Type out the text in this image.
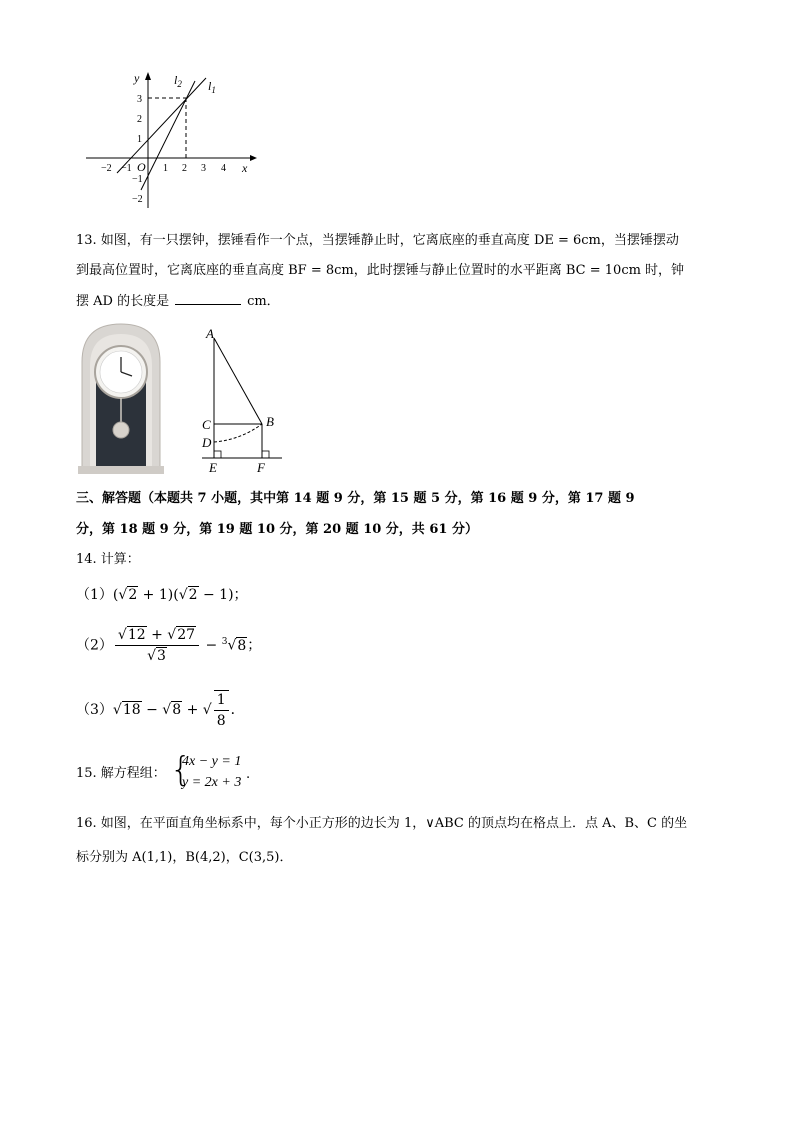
y
x
O
$l_2$ $l_1$
−2 −1	1 2 3 4
3
2
1
−1
−2
13. 如图，有一只摆钟，摆锤看作一个点，当摆锤静止时，它离底座的垂直高度 DE = 6cm，当摆锤摆动
到最高位置时，它离底座的垂直高度 BF = 8cm，此时摆锤与静止位置时的水平距离 BC = 10cm 时，钟
摆 AD 的长度是	cm．
A
B
C
D
E	F
三、解答题（本题共 7 小题，其中第 14 题 9 分，第 15 题 5 分，第 16 题 9 分，第 17 题 9
分，第 18 题 9 分，第 19 题 10 分，第 20 题 10 分，共 61 分）
14. 计算：
（1）(√2 + 1)(√2 − 1)；
$(2) \frac{√12 + √27}{√3} - ^3√8$；
（3）√18 − √8 + √ $\frac{1}{8}$ ．
15. 解方程组： {
4x − y = 1
y = 2x + 3
.
16. 如图，在平面直角坐标系中，每个小正方形的边长为 1，∨ABC 的顶点均在格点上．点 A、B、C 的坐
标分别为 A(1,1)，B(4,2)，C(3,5)．
